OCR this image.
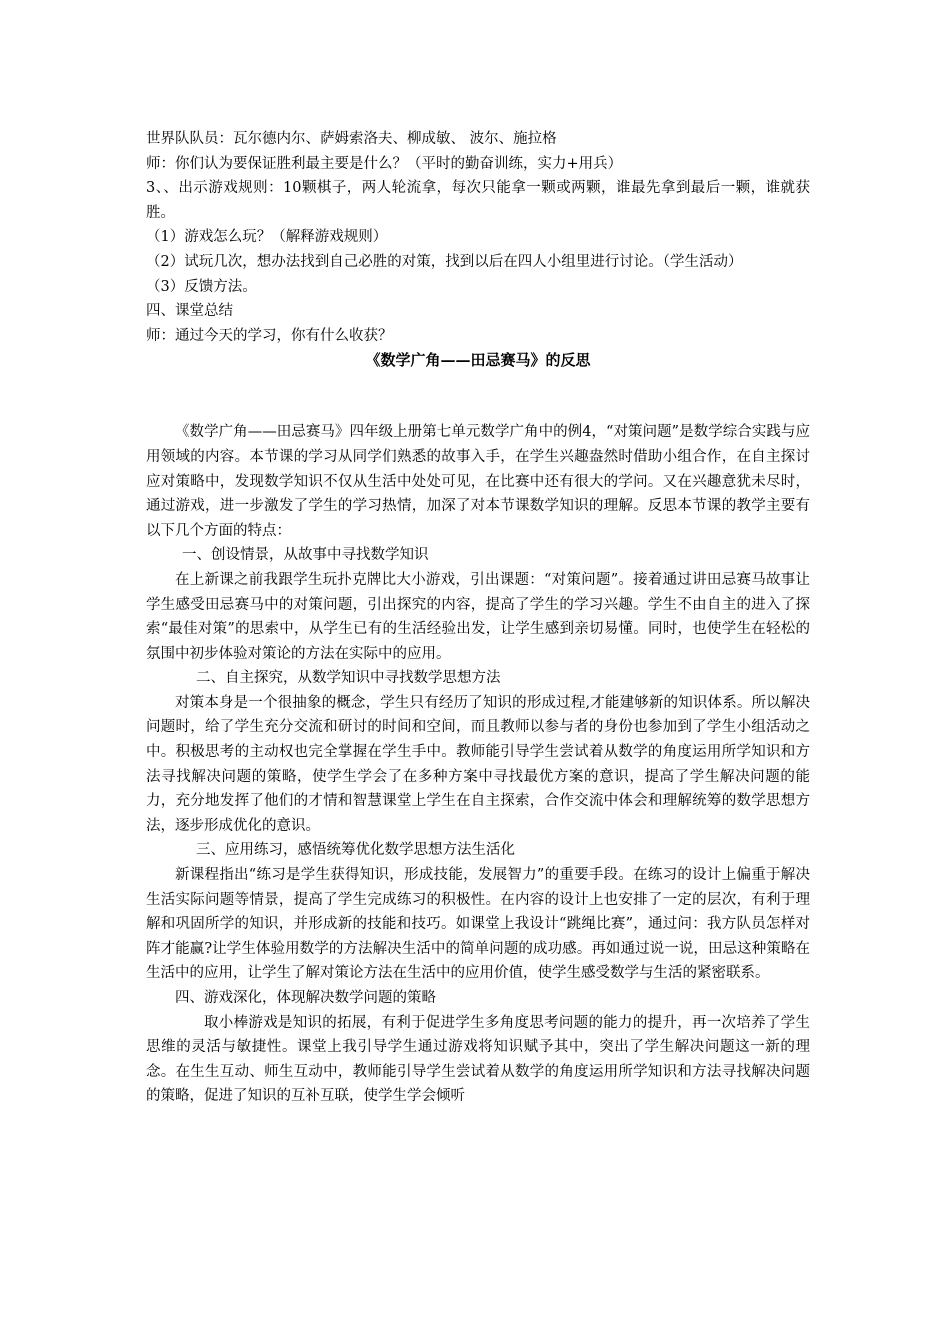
世界队队员：瓦尔德内尔、萨姆索洛夫、柳成敏、 波尔、施拉格

师：你们认为要保证胜利最主要是什么？（平时的勤奋训练，实力+用兵）

3、、出示游戏规则：10颗棋子，两人轮流拿，每次只能拿一颗或两颗，谁最先拿到最后一颗，谁就获胜。

（1）游戏怎么玩？（解释游戏规则）

（2）试玩几次，想办法找到自己必胜的对策，找到以后在四人小组里进行讨论。（学生活动）

（3）反馈方法。

四、课堂总结

师：通过今天的学习，你有什么收获？

《数学广角——田忌赛马》的反思

《数学广角——田忌赛马》四年级上册第七单元数学广角中的例4，“对策问题”是数学综合实践与应用领域的内容。本节课的学习从同学们熟悉的故事入手，在学生兴趣盎然时借助小组合作，在自主探讨应对策略中，发现数学知识不仅从生活中处处可见，在比赛中还有很大的学问。又在兴趣意犹未尽时，通过游戏，进一步激发了学生的学习热情，加深了对本节课数学知识的理解。反思本节课的教学主要有以下几个方面的特点：

一、创设情景，从故事中寻找数学知识

在上新课之前我跟学生玩扑克牌比大小游戏，引出课题：“对策问题”。接着通过讲田忌赛马故事让学生感受田忌赛马中的对策问题，引出探究的内容，提高了学生的学习兴趣。学生不由自主的进入了探索“最佳对策”的思索中，从学生已有的生活经验出发，让学生感到亲切易懂。同时，也使学生在轻松的氛围中初步体验对策论的方法在实际中的应用。

二、自主探究，从数学知识中寻找数学思想方法

对策本身是一个很抽象的概念，学生只有经历了知识的形成过程,才能建够新的知识体系。所以解决问题时，给了学生充分交流和研讨的时间和空间，而且教师以参与者的身份也参加到了学生小组活动之中。积极思考的主动权也完全掌握在学生手中。教师能引导学生尝试着从数学的角度运用所学知识和方法寻找解决问题的策略，使学生学会了在多种方案中寻找最优方案的意识，提高了学生解决问题的能力，充分地发挥了他们的才情和智慧课堂上学生在自主探索，合作交流中体会和理解统筹的数学思想方法，逐步形成优化的意识。

三、应用练习，感悟统筹优化数学思想方法生活化

新课程指出“练习是学生获得知识，形成技能，发展智力”的重要手段。在练习的设计上偏重于解决生活实际问题等情景，提高了学生完成练习的积极性。在内容的设计上也安排了一定的层次，有利于理解和巩固所学的知识，并形成新的技能和技巧。如课堂上我设计“跳绳比赛”，通过问：我方队员怎样对阵才能赢?让学生体验用数学的方法解决生活中的简单问题的成功感。再如通过说一说，田忌这种策略在生活中的应用，让学生了解对策论方法在生活中的应用价值，使学生感受数学与生活的紧密联系。

四、游戏深化，体现解决数学问题的策略

取小棒游戏是知识的拓展，有利于促进学生多角度思考问题的能力的提升，再一次培养了学生思维的灵活与敏捷性。课堂上我引导学生通过游戏将知识赋予其中，突出了学生解决问题这一新的理念。在生生互动、师生互动中，教师能引导学生尝试着从数学的角度运用所学知识和方法寻找解决问题的策略，促进了知识的互补互联，使学生学会倾听
